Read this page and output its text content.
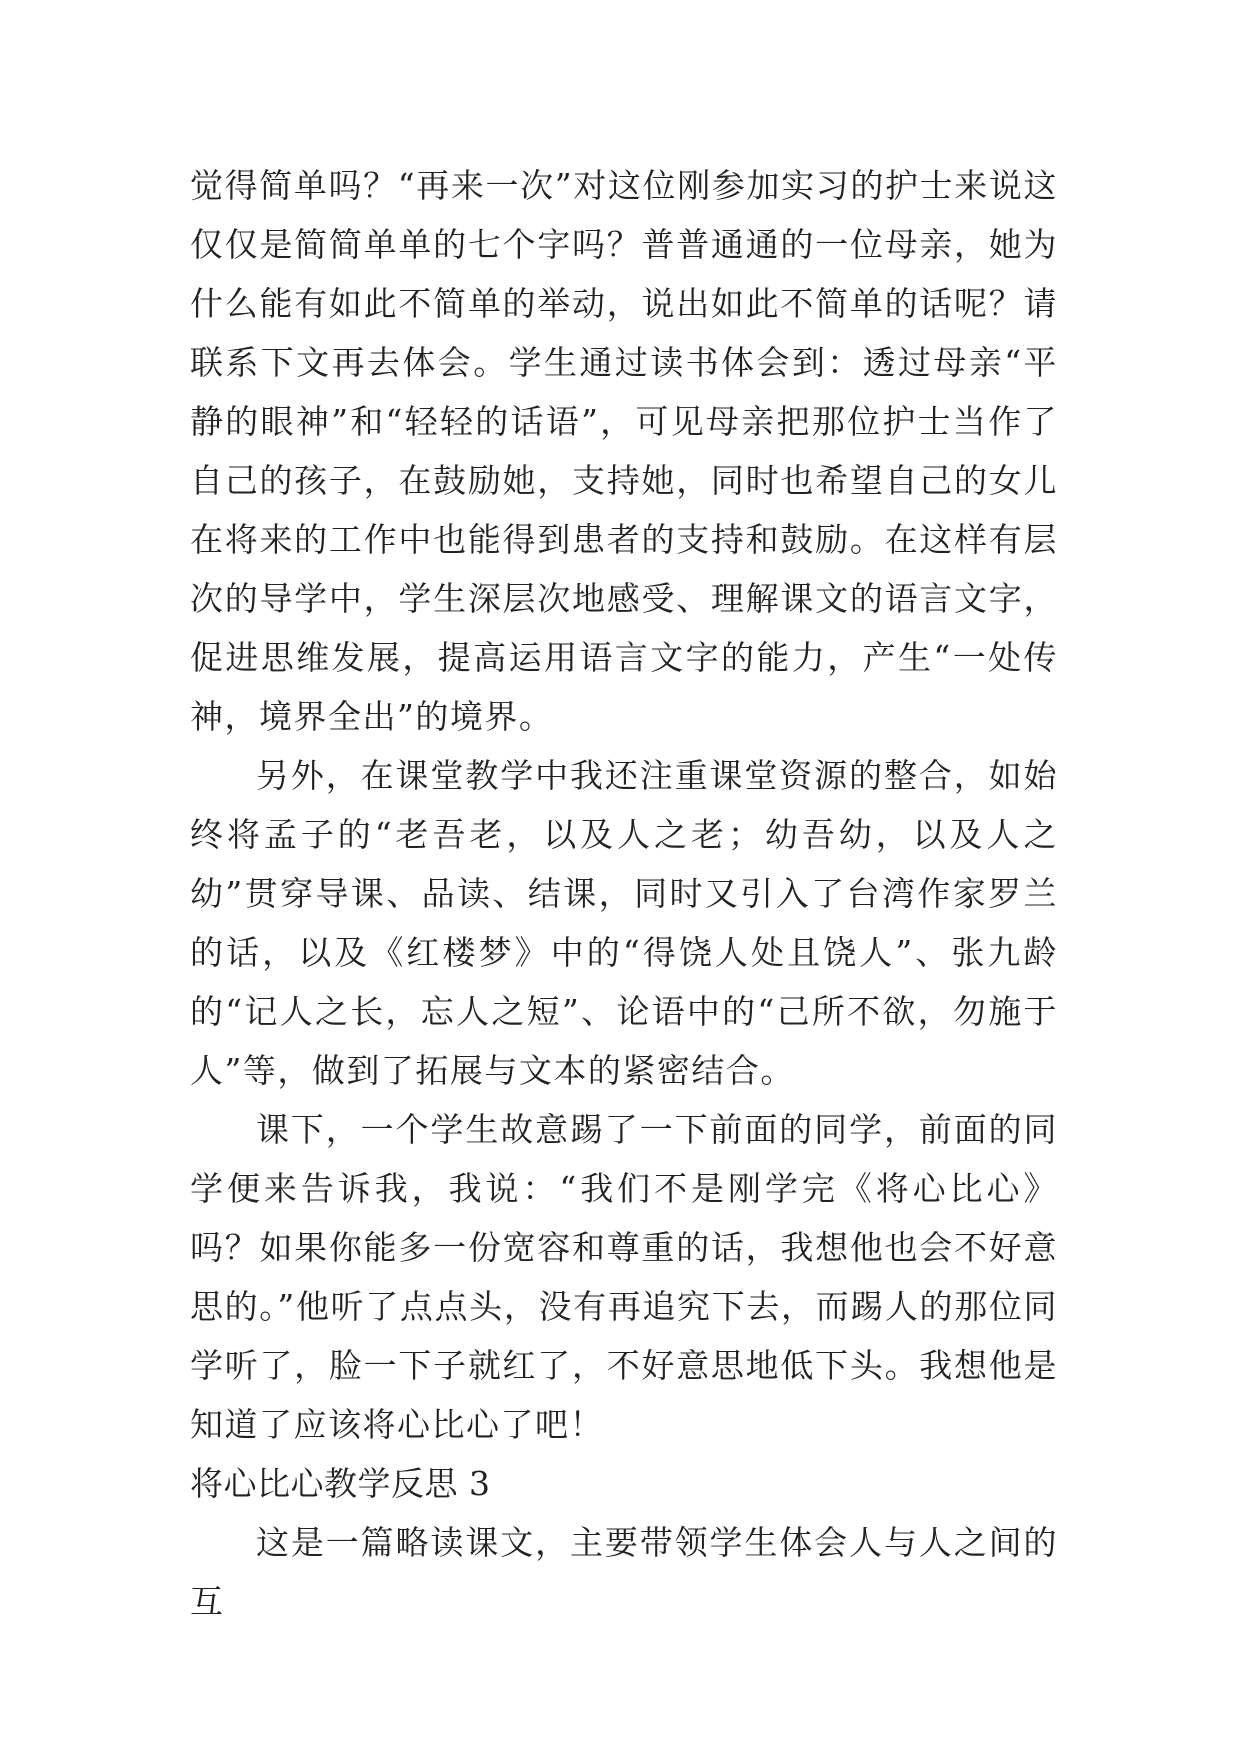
觉得简单吗？“再来一次”对这位刚参加实习的护士来说这仅仅是简简单单的七个字吗？普普通通的一位母亲，她为什么能有如此不简单的举动，说出如此不简单的话呢？请联系下文再去体会。学生通过读书体会到：透过母亲“平静的眼神”和“轻轻的话语”，可见母亲把那位护士当作了自己的孩子，在鼓励她，支持她，同时也希望自己的女儿在将来的工作中也能得到患者的支持和鼓励。在这样有层次的导学中，学生深层次地感受、理解课文的语言文字，促进思维发展，提高运用语言文字的能力，产生“一处传神，境界全出”的境界。

另外，在课堂教学中我还注重课堂资源的整合，如始终将孟子的“老吾老，以及人之老；幼吾幼，以及人之幼”贯穿导课、品读、结课，同时又引入了台湾作家罗兰的话，以及《红楼梦》中的“得饶人处且饶人”、张九龄的“记人之长，忘人之短”、论语中的“己所不欲，勿施于人”等，做到了拓展与文本的紧密结合。

课下，一个学生故意踢了一下前面的同学，前面的同学便来告诉我，我说：“我们不是刚学完《将心比心》吗？如果你能多一份宽容和尊重的话，我想他也会不好意思的。”他听了点点头，没有再追究下去，而踢人的那位同学听了，脸一下子就红了，不好意思地低下头。我想他是知道了应该将心比心了吧！

将心比心教学反思 3

这是一篇略读课文，主要带领学生体会人与人之间的互
